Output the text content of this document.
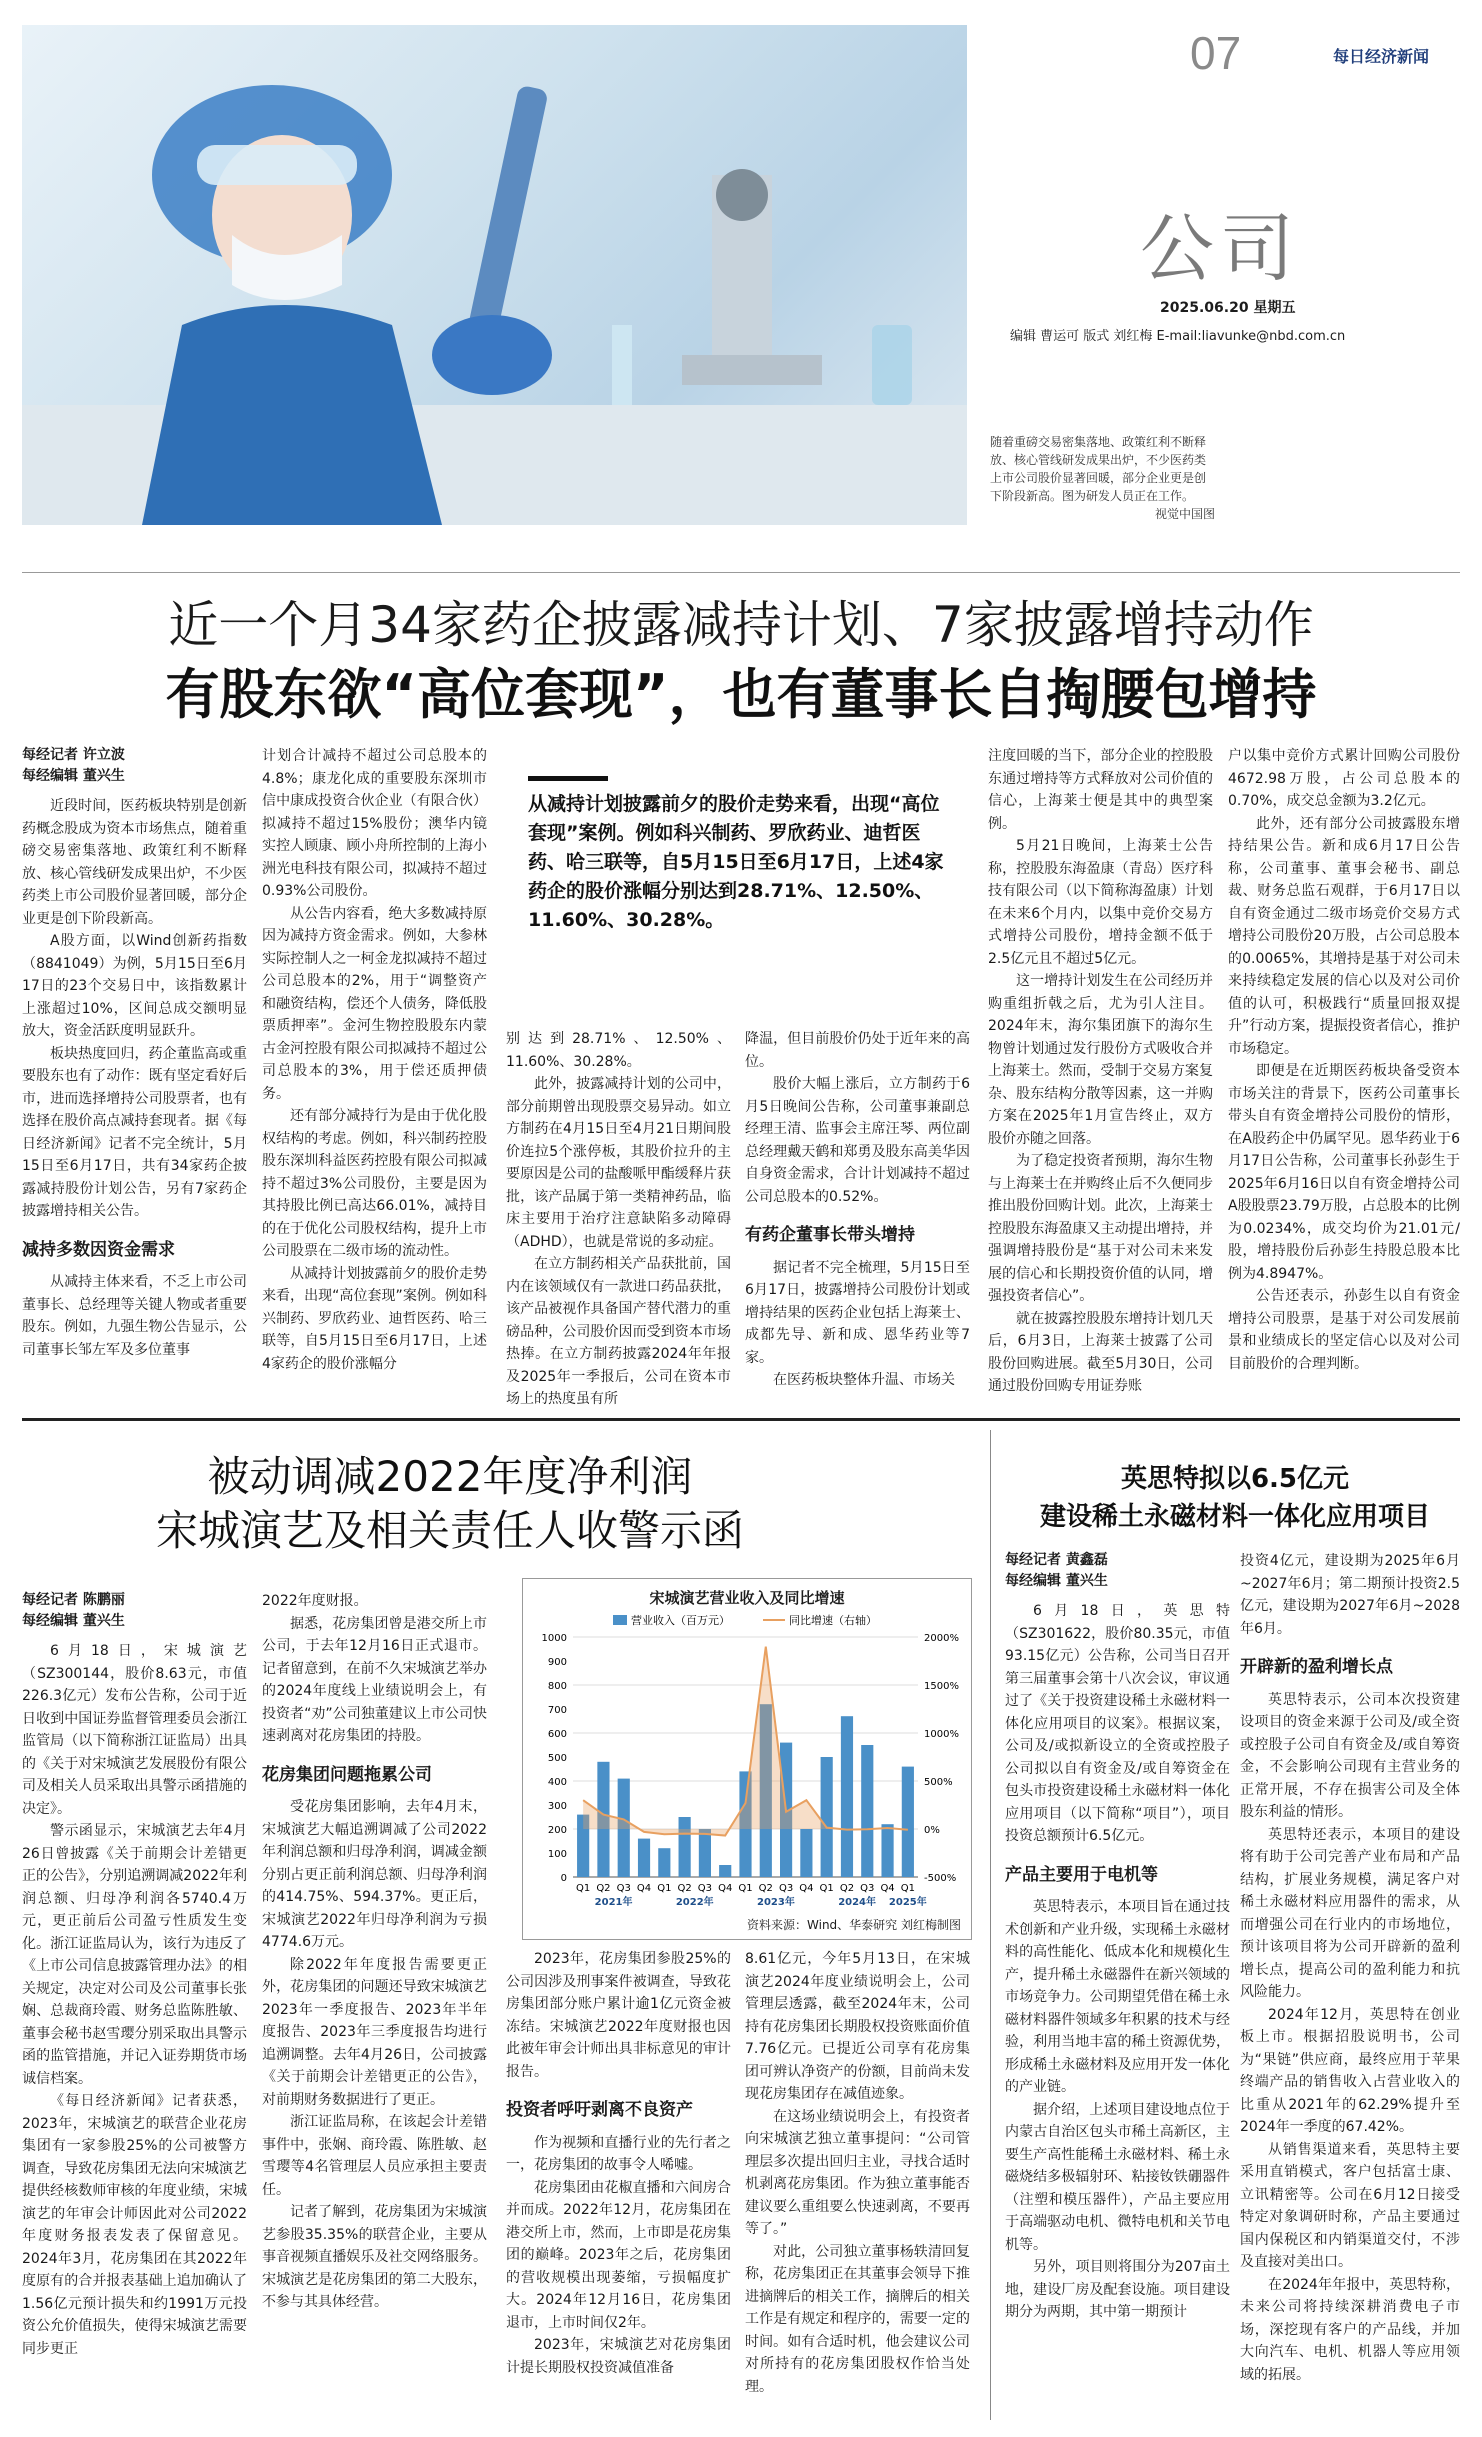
随着重磅交易密集落地、政策红利不断释放、核心管线研发成果出炉，不少医药类上市公司股价显著回暖，部分企业更是创下阶段新高。图为研发人员正在工作。
视觉中国图
07	每日经济新闻
公司
2025.06.20 星期五
编辑 曹运可 版式 刘红梅 E-mail:liavunke@nbd.com.cn
近一个月34家药企披露减持计划、7家披露增持动作
有股东欲“高位套现”，也有董事长自掏腰包增持
每经记者 许立波
每经编辑 董兴生

近段时间，医药板块特别是创新药概念股成为资本市场焦点，随着重磅交易密集落地、政策红利不断释放、核心管线研发成果出炉，不少医药类上市公司股价显著回暖，部分企业更是创下阶段新高。

A股方面，以Wind创新药指数（8841049）为例，5月15日至6月17日的23个交易日中，该指数累计上涨超过10%，区间总成交额明显放大，资金活跃度明显跃升。

板块热度回归，药企董监高或重要股东也有了动作：既有坚定看好后市，进而选择增持公司股票者，也有选择在股价高点减持套现者。据《每日经济新闻》记者不完全统计，5月15日至6月17日，共有34家药企披露减持股份计划公告，另有7家药企披露增持相关公告。

减持多数因资金需求

从减持主体来看，不乏上市公司董事长、总经理等关键人物或者重要股东。例如，九强生物公告显示，公司董事长邹左军及多位董事

计划合计减持不超过公司总股本的4.8%；康龙化成的重要股东深圳市信中康成投资合伙企业（有限合伙）拟减持不超过15%股份；澳华内镜实控人顾康、顾小舟所控制的上海小洲光电科技有限公司，拟减持不超过0.93%公司股份。

从公告内容看，绝大多数减持原因为减持方资金需求。例如，大参林实际控制人之一柯金龙拟减持不超过公司总股本的2%，用于“调整资产和融资结构，偿还个人债务，降低股票质押率”。金河生物控股股东内蒙古金河控股有限公司拟减持不超过公司总股本的3%，用于偿还质押债务。

还有部分减持行为是由于优化股权结构的考虑。例如，科兴制药控股股东深圳科益医药控股有限公司拟减持不超过3%公司股份，主要是因为其持股比例已高达66.01%，减持目的在于优化公司股权结构，提升上市公司股票在二级市场的流动性。

从减持计划披露前夕的股价走势来看，出现“高位套现”案例。例如科兴制药、罗欣药业、迪哲医药、哈三联等，自5月15日至6月17日，上述4家药企的股价涨幅分

从减持计划披露前夕的股价走势来看，出现“高位套现”案例。例如科兴制药、罗欣药业、迪哲医药、哈三联等，自5月15日至6月17日，上述4家药企的股价涨幅分别达到28.71%、12.50%、11.60%、30.28%。

别达到28.71%、12.50%、11.60%、30.28%。

此外，披露减持计划的公司中，部分前期曾出现股票交易异动。如立方制药在4月15日至4月21日期间股价连拉5个涨停板，其股价拉升的主要原因是公司的盐酸哌甲酯缓释片获批，该产品属于第一类精神药品，临床主要用于治疗注意缺陷多动障碍（ADHD），也就是常说的多动症。

在立方制药相关产品获批前，国内在该领域仅有一款进口药品获批，该产品被视作具备国产替代潜力的重磅品种，公司股价因而受到资本市场热捧。在立方制药披露2024年年报及2025年一季报后，公司在资本市场上的热度虽有所

降温，但目前股价仍处于近年来的高位。

股价大幅上涨后，立方制药于6月5日晚间公告称，公司董事兼副总经理王清、监事会主席汪琴、两位副总经理戴天鹤和郑勇及股东高美华因自身资金需求，合计计划减持不超过公司总股本的0.52%。

有药企董事长带头增持

据记者不完全梳理，5月15日至6月17日，披露增持公司股份计划或增持结果的医药企业包括上海莱士、成都先导、新和成、恩华药业等7家。

在医药板块整体升温、市场关

注度回暖的当下，部分企业的控股股东通过增持等方式释放对公司价值的信心，上海莱士便是其中的典型案例。

5月21日晚间，上海莱士公告称，控股股东海盈康（青岛）医疗科技有限公司（以下简称海盈康）计划在未来6个月内，以集中竞价交易方式增持公司股份，增持金额不低于2.5亿元且不超过5亿元。

这一增持计划发生在公司经历并购重组折戟之后，尤为引人注目。2024年末，海尔集团旗下的海尔生物曾计划通过发行股份方式吸收合并上海莱士。然而，受制于交易方案复杂、股东结构分散等因素，这一并购方案在2025年1月宣告终止，双方股价亦随之回落。

为了稳定投资者预期，海尔生物与上海莱士在并购终止后不久便同步推出股份回购计划。此次，上海莱士控股股东海盈康又主动提出增持，并强调增持股份是“基于对公司未来发展的信心和长期投资价值的认同，增强投资者信心”。

就在披露控股股东增持计划几天后，6月3日，上海莱士披露了公司股份回购进展。截至5月30日，公司通过股份回购专用证券账

户以集中竞价方式累计回购公司股份4672.98万股，占公司总股本的0.70%，成交总金额为3.2亿元。

此外，还有部分公司披露股东增持结果公告。新和成6月17日公告称，公司董事、董事会秘书、副总裁、财务总监石观群，于6月17日以自有资金通过二级市场竞价交易方式增持公司股份20万股，占公司总股本的0.0065%，其增持是基于对公司未来持续稳定发展的信心以及对公司价值的认可，积极践行“质量回报双提升”行动方案，提振投资者信心，推护市场稳定。

即便是在近期医药板块备受资本市场关注的背景下，医药公司董事长带头自有资金增持公司股份的情形，在A股药企中仍属罕见。恩华药业于6月17日公告称，公司董事长孙彭生于2025年6月16日以自有资金增持公司A股股票23.79万股，占总股本的比例为0.0234%，成交均价为21.01元/股，增持股份后孙彭生持股总股本比例为4.8947%。

公告还表示，孙彭生以自有资金增持公司股票，是基于对公司发展前景和业绩成长的坚定信心以及对公司目前股价的合理判断。

被动调减2022年度净利润
宋城演艺及相关责任人收警示函
每经记者 陈鹏丽
每经编辑 董兴生

6月18日，宋城演艺（SZ300144，股价8.63元，市值226.3亿元）发布公告称，公司于近日收到中国证券监督管理委员会浙江监管局（以下简称浙江证监局）出具的《关于对宋城演艺发展股份有限公司及相关人员采取出具警示函措施的决定》。

警示函显示，宋城演艺去年4月26日曾披露《关于前期会计差错更正的公告》，分别追溯调减2022年利润总额、归母净利润各5740.4万元，更正前后公司盈亏性质发生变化。浙江证监局认为，该行为违反了《上市公司信息披露管理办法》的相关规定，决定对公司及公司董事长张娴、总裁商玲霞、财务总监陈胜敏、董事会秘书赵雪璎分别采取出具警示函的监管措施，并记入证券期货市场诚信档案。

《每日经济新闻》记者获悉，2023年，宋城演艺的联营企业花房集团有一家参股25%的公司被警方调查，导致花房集团无法向宋城演艺提供经核数师审核的年度业绩，宋城演艺的年审会计师因此对公司2022年度财务报表发表了保留意见。2024年3月，花房集团在其2022年度原有的合并报表基础上追加确认了1.56亿元预计损失和约1991万元投资公允价值损失，使得宋城演艺需要同步更正

2022年度财报。

据悉，花房集团曾是港交所上市公司，于去年12月16日正式退市。记者留意到，在前不久宋城演艺举办的2024年度线上业绩说明会上，有投资者“劝”公司独董建议上市公司快速剥离对花房集团的持股。

花房集团问题拖累公司

受花房集团影响，去年4月末，宋城演艺大幅追溯调减了公司2022年利润总额和归母净利润，调减金额分别占更正前利润总额、归母净利润的414.75%、594.37%。更正后，宋城演艺2022年归母净利润为亏损4774.6万元。

除2022年年度报告需要更正外，花房集团的问题还导致宋城演艺2023年一季度报告、2023年半年度报告、2023年三季度报告均进行追溯调整。去年4月26日，公司披露《关于前期会计差错更正的公告》，对前期财务数据进行了更正。

浙江证监局称，在该起会计差错事件中，张娴、商玲霞、陈胜敏、赵雪璎等4名管理层人员应承担主要责任。

记者了解到，花房集团为宋城演艺参股35.35%的联营企业，主要从事音视频直播娱乐及社交网络服务。宋城演艺是花房集团的第二大股东，不参与其具体经营。

宋城演艺营业收入及同比增速
营业收入（百万元）	同比增速（右轴）
0
100
200
300
400
500
600
700
800
900
1000
-500%
0%
500%
1000%
1500%
2000%
Q1 Q2 Q3 Q4 Q1 Q2 Q3 Q4 Q1 Q2 Q3 Q4 Q1 Q2 Q3 Q4 Q1
2021年	2022年	2023年	2024年 2025年
资料来源：Wind、华泰研究 刘红梅制图

2023年，花房集团参股25%的公司因涉及刑事案件被调查，导致花房集团部分账户累计逾1亿元资金被冻结。宋城演艺2022年度财报也因此被年审会计师出具非标意见的审计报告。

投资者呼吁剥离不良资产

作为视频和直播行业的先行者之一，花房集团的故事令人唏嘘。

花房集团由花椒直播和六间房合并而成。2022年12月，花房集团在港交所上市，然而，上市即是花房集团的巅峰。2023年之后，花房集团的营收规模出现萎缩，亏损幅度扩大。2024年12月16日，花房集团退市，上市时间仅2年。

2023年，宋城演艺对花房集团计提长期股权投资减值准备

8.61亿元，今年5月13日，在宋城演艺2024年度业绩说明会上，公司管理层透露，截至2024年末，公司持有花房集团长期股权投资账面价值7.76亿元。已提近公司享有花房集团可辨认净资产的份额，目前尚未发现花房集团存在减值迹象。

在这场业绩说明会上，有投资者向宋城演艺独立董事提问：“公司管理层多次提出回归主业，寻找合适时机剥离花房集团。作为独立董事能否建议要么重组要么快速剥离，不要再等了。”

对此，公司独立董事杨轶清回复称，花房集团正在其董事会领导下推进摘牌后的相关工作，摘牌后的相关工作是有规定和程序的，需要一定的时间。如有合适时机，他会建议公司对所持有的花房集团股权作恰当处理。

英思特拟以6.5亿元
建设稀土永磁材料一体化应用项目
每经记者 黄鑫磊
每经编辑 董兴生

6月18日，英思特（SZ301622，股价80.35元，市值93.15亿元）公告称，公司当日召开第三届董事会第十八次会议，审议通过了《关于投资建设稀土永磁材料一体化应用项目的议案》。根据议案，公司及/或拟新设立的全资或控股子公司拟以自有资金及/或自筹资金在包头市投资建设稀土永磁材料一体化应用项目（以下简称“项目”），项目投资总额预计6.5亿元。

产品主要用于电机等

英思特表示，本项目旨在通过技术创新和产业升级，实现稀土永磁材料的高性能化、低成本化和规模化生产，提升稀土永磁器件在新兴领域的市场竞争力。公司期望凭借在稀土永磁材料器件领域多年积累的技术与经验，利用当地丰富的稀土资源优势，形成稀土永磁材料及应用开发一体化的产业链。

据介绍，上述项目建设地点位于内蒙古自治区包头市稀土高新区，主要生产高性能稀土永磁材料、稀土永磁烧结多极辐射环、粘接钕铁硼器件（注塑和模压器件），产品主要应用于高端驱动电机、微特电机和关节电机等。

另外，项目则将围分为207亩土地，建设厂房及配套设施。项目建设期分为两期，其中第一期预计

投资4亿元，建设期为2025年6月~2027年6月；第二期预计投资2.5亿元，建设期为2027年6月~2028年6月。

开辟新的盈利增长点

英思特表示，公司本次投资建设项目的资金来源于公司及/或全资或控股子公司自有资金及/或自筹资金，不会影响公司现有主营业务的正常开展，不存在损害公司及全体股东利益的情形。

英思特还表示，本项目的建设将有助于公司完善产业布局和产品结构，扩展业务规模，满足客户对稀土永磁材料应用器件的需求，从而增强公司在行业内的市场地位，预计该项目将为公司开辟新的盈利增长点，提高公司的盈利能力和抗风险能力。

2024年12月，英思特在创业板上市。根据招股说明书，公司为“果链”供应商，最终应用于苹果终端产品的销售收入占营业收入的比重从2021年的62.29%提升至2024年一季度的67.42%。

从销售渠道来看，英思特主要采用直销模式，客户包括富士康、立讯精密等。公司在6月12日接受特定对象调研时称，产品主要通过国内保税区和内销渠道交付，不涉及直接对美出口。

在2024年年报中，英思特称，未来公司将持续深耕消费电子市场，深挖现有客户的产品线，并加大向汽车、电机、机器人等应用领域的拓展。
